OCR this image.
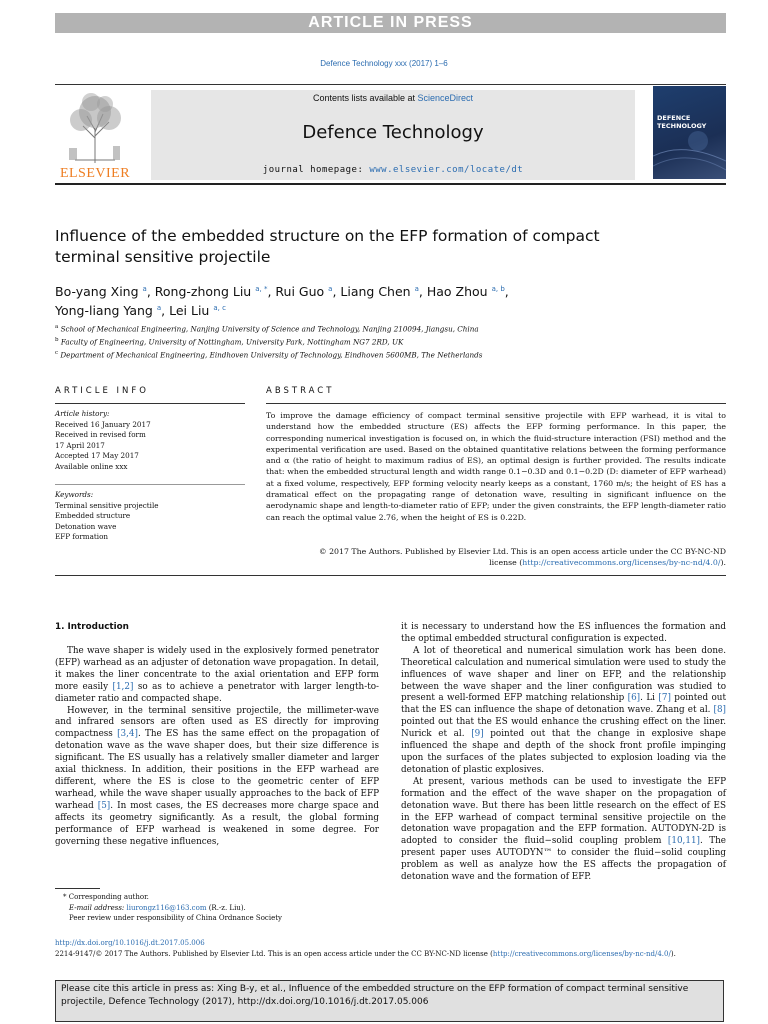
ARTICLE IN PRESS
Defence Technology xxx (2017) 1–6
ELSEVIER
Contents lists available at ScienceDirect
Defence Technology
journal homepage: www.elsevier.com/locate/dt
DEFENCE
TECHNOLOGY
Influence of the embedded structure on the EFP formation of compact
terminal sensitive projectile
Bo-yang Xing $^a$, Rong-zhong Liu $^{a, *}$, Rui Guo $^a$, Liang Chen $^a$, Hao Zhou $^{a, b}$,
Yong-liang Yang $^a$, Lei Liu $^{a, c}$
$^a$ School of Mechanical Engineering, Nanjing University of Science and Technology, Nanjing 210094, Jiangsu, China
$^b$ Faculty of Engineering, University of Nottingham, University Park, Nottingham NG7 2RD, UK
$^c$ Department of Mechanical Engineering, Eindhoven University of Technology, Eindhoven 5600MB, The Netherlands
ARTICLE INFO	ABSTRACT
Article history:
Received 16 January 2017
Received in revised form
17 April 2017
Accepted 17 May 2017
Available online xxx
Keywords:
Terminal sensitive projectile
Embedded structure
Detonation wave
EFP formation
To improve the damage efficiency of compact terminal sensitive projectile with EFP warhead, it is vital to understand how the embedded structure (ES) affects the EFP forming performance. In this paper, the corresponding numerical investigation is focused on, in which the fluid-structure interaction (FSI) method and the experimental verification are used. Based on the obtained quantitative relations between the forming performance and α (the ratio of height to maximum radius of ES), an optimal design is further provided. The results indicate that: when the embedded structural length and width range 0.1−0.3D and 0.1−0.2D (D: diameter of EFP warhead) at a fixed volume, respectively, EFP forming velocity nearly keeps as a constant, 1760 m/s; the height of ES has a dramatical effect on the propagating range of detonation wave, resulting in significant influence on the aerodynamic shape and length-to-diameter ratio of EFP; under the given constraints, the EFP length-diameter ratio can reach the optimal value 2.76, when the height of ES is 0.22D.
© 2017 The Authors. Published by Elsevier Ltd. This is an open access article under the CC BY-NC-ND
license (http://creativecommons.org/licenses/by-nc-nd/4.0/).
1. Introduction

The wave shaper is widely used in the explosively formed penetrator (EFP) warhead as an adjuster of detonation wave propagation. In detail, it makes the liner concentrate to the axial orientation and EFP form more easily [1,2] so as to achieve a penetrator with larger length-to-diameter ratio and compacted shape.

However, in the terminal sensitive projectile, the millimeter-wave and infrared sensors are often used as ES directly for improving compactness [3,4]. The ES has the same effect on the propagation of detonation wave as the wave shaper does, but their size difference is significant. The ES usually has a relatively smaller diameter and larger axial thickness. In addition, their positions in the EFP warhead are different, where the ES is close to the geometric center of EFP warhead, while the wave shaper usually approaches to the back of EFP warhead [5]. In most cases, the ES decreases more charge space and affects its geometry significantly. As a result, the global forming performance of EFP warhead is weakened in some degree. For governing these negative influences,

it is necessary to understand how the ES influences the formation and the optimal embedded structural configuration is expected.

A lot of theoretical and numerical simulation work has been done. Theoretical calculation and numerical simulation were used to study the influences of wave shaper and liner on EFP, and the relationship between the wave shaper and the liner configuration was studied to present a well-formed EFP matching relationship [6]. Li [7] pointed out that the ES can influence the shape of detonation wave. Zhang et al. [8] pointed out that the ES would enhance the crushing effect on the liner. Nurick et al. [9] pointed out that the change in explosive shape influenced the shape and depth of the shock front profile impinging upon the surfaces of the plates subjected to explosion loading via the detonation of plastic explosives.

At present, various methods can be used to investigate the EFP formation and the effect of the wave shaper on the propagation of detonation wave. But there has been little research on the effect of ES in the EFP warhead of compact terminal sensitive projectile on the detonation wave propagation and the EFP formation. AUTODYN-2D is adopted to consider the fluid−solid coupling problem [10,11]. The present paper uses AUTODYN™ to consider the fluid−solid coupling problem as well as analyze how the ES affects the propagation of detonation wave and the formation of EFP.

* Corresponding author.
E-mail address: liurongz116@163.com (R.-z. Liu).
Peer review under responsibility of China Ordnance Society
http://dx.doi.org/10.1016/j.dt.2017.05.006
2214-9147/© 2017 The Authors. Published by Elsevier Ltd. This is an open access article under the CC BY-NC-ND license (http://creativecommons.org/licenses/by-nc-nd/4.0/).
Please cite this article in press as: Xing B-y, et al., Influence of the embedded structure on the EFP formation of compact terminal sensitive
projectile, Defence Technology (2017), http://dx.doi.org/10.1016/j.dt.2017.05.006
